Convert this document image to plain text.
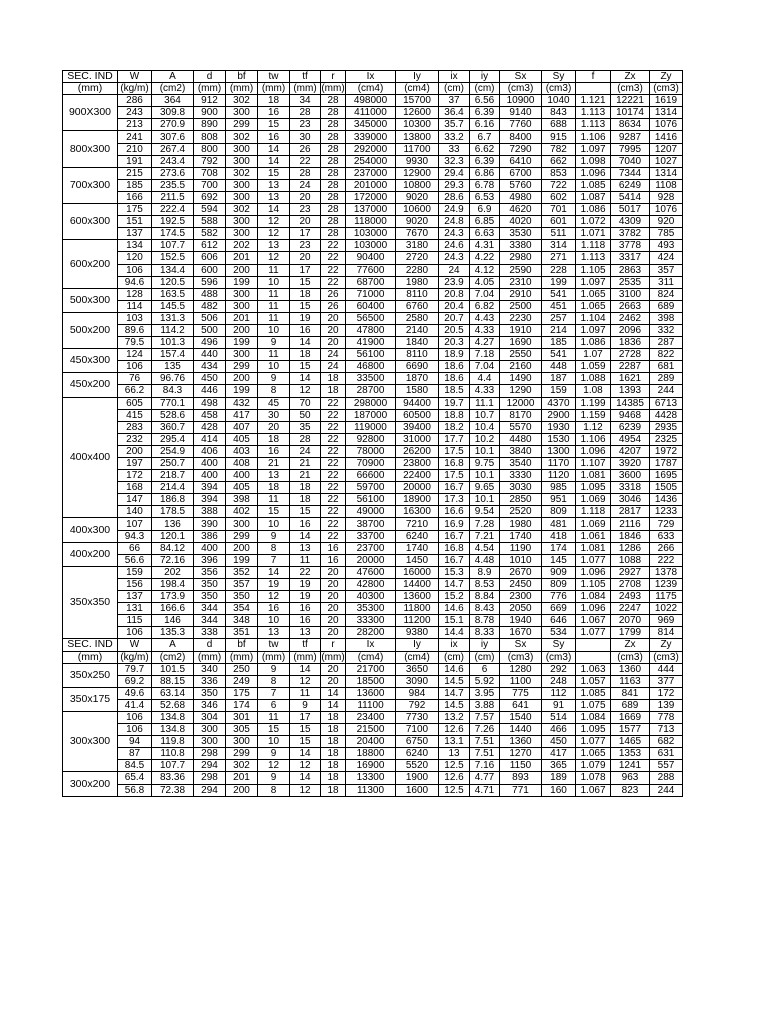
SEC. IND	W	A	d	bf	tw	tf	r	Ix	Iy	ix	iy	Sx	Sy	f	Zx	Zy
(mm)	(kg/m)	(cm2)	(mm)	(mm)	(mm)	(mm)	(mm)	(cm4)	(cm4)	(cm)	(cm)	(cm3)	(cm3)		(cm3)	(cm3)
900X300	286	364	912	302	18	34	28	498000	15700	37	6.56	10900	1040	1.121	12221	1619
	243	309.8	900	300	16	28	28	411000	12600	36.4	6.39	9140	843	1.113	10174	1314
	213	270.9	890	299	15	23	28	345000	10300	35.7	6.16	7760	688	1.113	8634	1076
800x300	241	307.6	808	302	16	30	28	339000	13800	33.2	6.7	8400	915	1.106	9287	1416
	210	267.4	800	300	14	26	28	292000	11700	33	6.62	7290	782	1.097	7995	1207
	191	243.4	792	300	14	22	28	254000	9930	32.3	6.39	6410	662	1.098	7040	1027
700x300	215	273.6	708	302	15	28	28	237000	12900	29.4	6.86	6700	853	1.096	7344	1314
	185	235.5	700	300	13	24	28	201000	10800	29.3	6.78	5760	722	1.085	6249	1108
	166	211.5	692	300	13	20	28	172000	9020	28.6	6.53	4980	602	1.087	5414	928
600x300	175	222.4	594	302	14	23	28	137000	10600	24.9	6.9	4620	701	1.086	5017	1076
	151	192.5	588	300	12	20	28	118000	9020	24.8	6.85	4020	601	1.072	4309	920
	137	174.5	582	300	12	17	28	103000	7670	24.3	6.63	3530	511	1.071	3782	785
600x200	134	107.7	612	202	13	23	22	103000	3180	24.6	4.31	3380	314	1.118	3778	493
	120	152.5	606	201	12	20	22	90400	2720	24.3	4.22	2980	271	1.113	3317	424
	106	134.4	600	200	11	17	22	77600	2280	24	4.12	2590	228	1.105	2863	357
	94.6	120.5	596	199	10	15	22	68700	1980	23.9	4.05	2310	199	1.097	2535	311
500x300	128	163.5	488	300	11	18	26	71000	8110	20.8	7.04	2910	541	1.065	3100	824
	114	145.5	482	300	11	15	26	60400	6760	20.4	6.82	2500	451	1.065	2663	689
500x200	103	131.3	506	201	11	19	20	56500	2580	20.7	4.43	2230	257	1.104	2462	398
	89.6	114.2	500	200	10	16	20	47800	2140	20.5	4.33	1910	214	1.097	2096	332
	79.5	101.3	496	199	9	14	20	41900	1840	20.3	4.27	1690	185	1.086	1836	287
450x300	124	157.4	440	300	11	18	24	56100	8110	18.9	7.18	2550	541	1.07	2728	822
	106	135	434	299	10	15	24	46800	6690	18.6	7.04	2160	448	1.059	2287	681
450x200	76	96.76	450	200	9	14	18	33500	1870	18.6	4.4	1490	187	1.088	1621	289
	66.2	84.3	446	199	8	12	18	28700	1580	18.5	4.33	1290	159	1.08	1393	244
400x400	605	770.1	498	432	45	70	22	298000	94400	19.7	11.1	12000	4370	1.199	14385	6713
	415	528.6	458	417	30	50	22	187000	60500	18.8	10.7	8170	2900	1.159	9468	4428
	283	360.7	428	407	20	35	22	119000	39400	18.2	10.4	5570	1930	1.12	6239	2935
	232	295.4	414	405	18	28	22	92800	31000	17.7	10.2	4480	1530	1.106	4954	2325
	200	254.9	406	403	16	24	22	78000	26200	17.5	10.1	3840	1300	1.096	4207	1972
	197	250.7	400	408	21	21	22	70900	23800	16.8	9.75	3540	1170	1.107	3920	1787
	172	218.7	400	400	13	21	22	66600	22400	17.5	10.1	3330	1120	1.081	3600	1695
	168	214.4	394	405	18	18	22	59700	20000	16.7	9.65	3030	985	1.095	3318	1505
	147	186.8	394	398	11	18	22	56100	18900	17.3	10.1	2850	951	1.069	3046	1436
	140	178.5	388	402	15	15	22	49000	16300	16.6	9.54	2520	809	1.118	2817	1233
400x300	107	136	390	300	10	16	22	38700	7210	16.9	7.28	1980	481	1.069	2116	729
	94.3	120.1	386	299	9	14	22	33700	6240	16.7	7.21	1740	418	1.061	1846	633
400x200	66	84.12	400	200	8	13	16	23700	1740	16.8	4.54	1190	174	1.081	1286	266
	56.6	72.16	396	199	7	11	16	20000	1450	16.7	4.48	1010	145	1.077	1088	222
350x350	159	202	356	352	14	22	20	47600	16000	15.3	8.9	2670	909	1.096	2927	1378
	156	198.4	350	357	19	19	20	42800	14400	14.7	8.53	2450	809	1.105	2708	1239
	137	173.9	350	350	12	19	20	40300	13600	15.2	8.84	2300	776	1.084	2493	1175
	131	166.6	344	354	16	16	20	35300	11800	14.6	8.43	2050	669	1.096	2247	1022
	115	146	344	348	10	16	20	33300	11200	15.1	8.78	1940	646	1.067	2070	969
	106	135.3	338	351	13	13	20	28200	9380	14.4	8.33	1670	534	1.077	1799	814
SEC. IND	W	A	d	bf	tw	tf	r	Ix	Iy	ix	iy	Sx	Sy		Zx	Zy
(mm)	(kg/m)	(cm2)	(mm)	(mm)	(mm)	(mm)	(mm)	(cm4)	(cm4)	(cm)	(cm)	(cm3)	(cm3)		(cm3)	(cm3)
350x250	79.7	101.5	340	250	9	14	20	21700	3650	14.6	6	1280	292	1.063	1360	444
	69.2	88.15	336	249	8	12	20	18500	3090	14.5	5.92	1100	248	1.057	1163	377
350x175	49.6	63.14	350	175	7	11	14	13600	984	14.7	3.95	775	112	1.085	841	172
	41.4	52.68	346	174	6	9	14	11100	792	14.5	3.88	641	91	1.075	689	139
300x300	106	134.8	304	301	11	17	18	23400	7730	13.2	7.57	1540	514	1.084	1669	778
	106	134.8	300	305	15	15	18	21500	7100	12.6	7.26	1440	466	1.095	1577	713
	94	119.8	300	300	10	15	18	20400	6750	13.1	7.51	1360	450	1.077	1465	682
	87	110.8	298	299	9	14	18	18800	6240	13	7.51	1270	417	1.065	1353	631
	84.5	107.7	294	302	12	12	18	16900	5520	12.5	7.16	1150	365	1.079	1241	557
300x200	65.4	83.36	298	201	9	14	18	13300	1900	12.6	4.77	893	189	1.078	963	288
	56.8	72.38	294	200	8	12	18	11300	1600	12.5	4.71	771	160	1.067	823	244
